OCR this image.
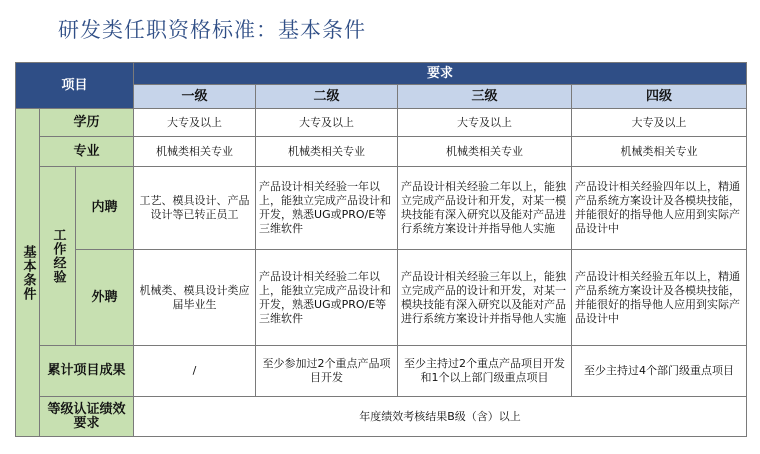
研发类任职资格标准：基本条件
项目			要求			
			一级	二级	三级	四级
基本条件	学历		大专及以上	大专及以上	大专及以上	大专及以上
	专业		机械类相关专业	机械类相关专业	机械类相关专业	机械类相关专业
	工作经验	内聘	工艺、模具设计、产品设计等已转正员工	产品设计相关经验一年以上，能独立完成产品设计和开发，熟悉UG或PRO/E等三维软件	产品设计相关经验二年以上，能独立完成产品设计和开发，对某一模块技能有深入研究以及能对产品进行系统方案设计并指导他人实施	产品设计相关经验四年以上，精通产品系统方案设计及各模块技能，并能很好的指导他人应用到实际产品设计中
		外聘	机械类、模具设计类应届毕业生	产品设计相关经验二年以上，能独立完成产品设计和开发，熟悉UG或PRO/E等三维软件	产品设计相关经验三年以上，能独立完成产品的设计和开发，对某一模块技能有深入研究以及能对产品进行系统方案设计并指导他人实施	产品设计相关经验五年以上，精通产品系统方案设计及各模块技能，并能很好的指导他人应用到实际产品设计中
	累计项目成果		/	至少参加过2个重点产品项目开发	至少主持过2个重点产品项目开发和1个以上部门级重点项目	至少主持过4个部门级重点项目
	等级认证绩效要求		年度绩效考核结果B级（含）以上			
